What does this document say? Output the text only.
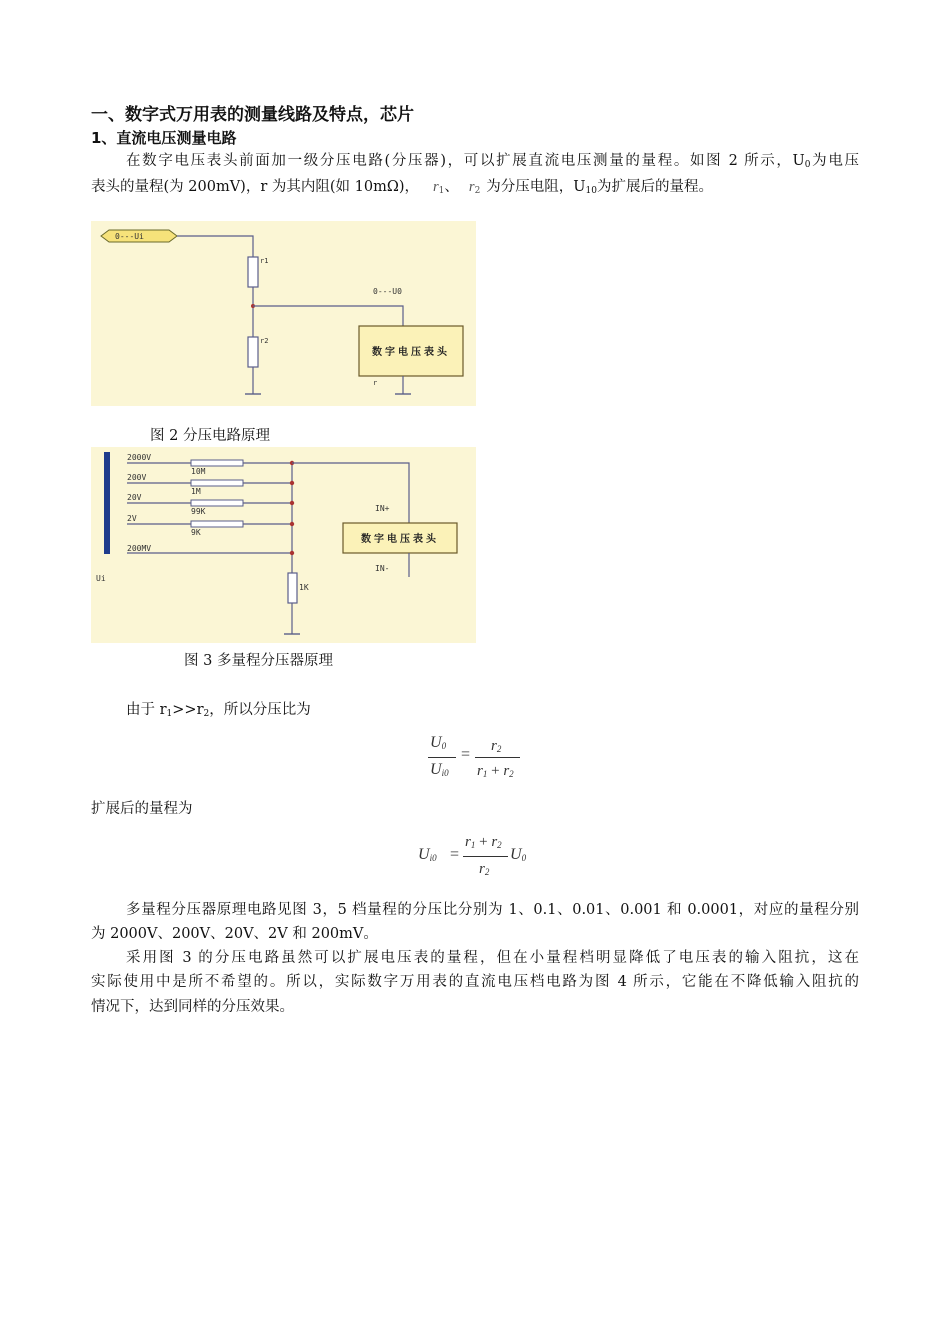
一、数字式万用表的测量线路及特点，芯片
1、直流电压测量电路
在数字电压表头前面加一级分压电路(分压器)，可以扩展直流电压测量的量程。如图 2 所示，$U_0$为电压
表头的量程(为 200mV)，r 为其内阻(如 10mΩ)， $r_1$、 $r_2$ 为分压电阻，$U_{10}$为扩展后的量程。
0---Ui
r1
0---U0
r2
数字电压表头
r
图 2 分压电路原理
Ui
2000V
10M
200V
1M
20V
99K
2V
9K
200MV
1K
IN+
数字电压表头
IN-
图 3 多量程分压器原理
由于 $r_1>>r_2$，所以分压比为
$U_0$
$U_{i0}$
= $r_2$
$r_1 + r_2$
扩展后的量程为
$U_{i0}$ =
$r_1 + r_2$
$r_2$
$U_0$
多量程分压器原理电路见图 3，5 档量程的分压比分别为 1、0.1、0.01、0.001 和 0.0001，对应的量程分别
为 2000V、200V、20V、2V 和 200mV。
采用图 3 的分压电路虽然可以扩展电压表的量程，但在小量程档明显降低了电压表的输入阻抗，这在
实际使用中是所不希望的。所以，实际数字万用表的直流电压档电路为图 4 所示，它能在不降低输入阻抗的
情况下，达到同样的分压效果。
